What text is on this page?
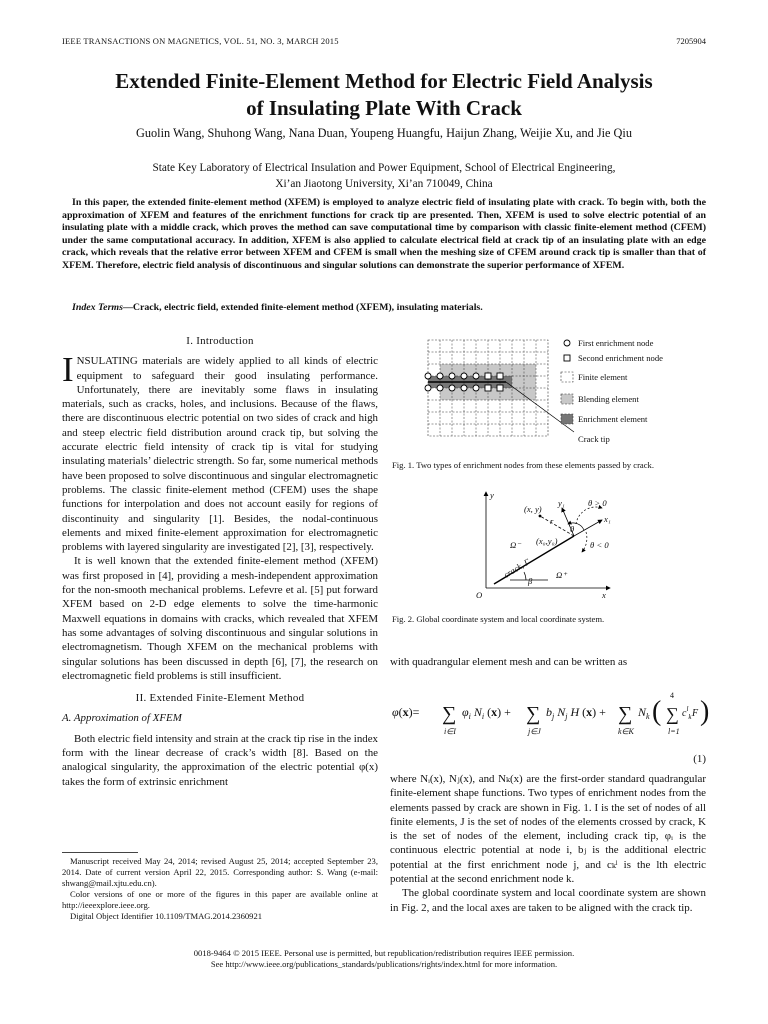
IEEE TRANSACTIONS ON MAGNETICS, VOL. 51, NO. 3, MARCH 2015	7205904
Extended Finite-Element Method for Electric Field Analysis
of Insulating Plate With Crack
Guolin Wang, Shuhong Wang, Nana Duan, Youpeng Huangfu, Haijun Zhang, Weijie Xu, and Jie Qiu
State Key Laboratory of Electrical Insulation and Power Equipment, School of Electrical Engineering,
Xi’an Jiaotong University, Xi’an 710049, China
In this paper, the extended finite-element method (XFEM) is employed to analyze electric field of insulating plate with crack. To begin with, both the approximation of XFEM and features of the enrichment functions for crack tip are presented. Then, XFEM is used to solve electric potential of an insulating plate with a middle crack, which proves the method can save computational time by comparison with classic finite-element method (CFEM) under the same computational accuracy. In addition, XFEM is also applied to calculate electrical field at crack tip of an insulating plate with an edge crack, which reveals that the relative error between XFEM and CFEM is small when the meshing size of CFEM around crack tip is smaller than that of XFEM. Therefore, electric field analysis of discontinuous and singular solutions can demonstrate the superior performance of XFEM.
Index Terms—Crack, electric field, extended finite-element method (XFEM), insulating materials.
I. Introduction

INSULATING materials are widely applied to all kinds of electric equipment to safeguard their good insulating performance. Unfortunately, there are inevitably some flaws in insulating materials, such as cracks, holes, and inclusions. Because of the flaws, there are discontinuous electric potential on two sides of crack and high and steep electric field distribution around crack tip, but solving the accurate electric field intensity of crack tip is vital for studying insulating materials’ dielectric strength. So far, some numerical methods have been proposed to solve discontinuous and singular electromagnetic problems. The classic finite-element method (CFEM) uses the shape functions for interpolation and does not account easily for regions of discontinuity and singularity [1]. Besides, the nodal-continuous elements and mixed finite-element approximation for electromagnetic problems with layered singularity are investigated [2], [3], respectively.

It is well known that the extended finite-element method (XFEM) was first proposed in [4], providing a mesh-independent approximation for the non-smooth mechanical problems. Lefevre et al. [5] put forward XFEM based on 2-D edge elements to solve the time-harmonic Maxwell equations in domains with cracks, which revealed that XFEM has some advantages of solving discontinuous and singular solutions in electromagnetism. Though XFEM on the mechanical problems with singular solutions has been discussed in depth [6], [7], the research on electromagnetic field problems is still insufficient.

II. Extended Finite-Element Method
A. Approximation of XFEM

Both electric field intensity and strain at the crack tip rise in the index form with the linear decrease of crack’s width [8]. Based on the analogical singularity, the approximation of the electric potential φ(x) takes the form of extrinsic enrichment

Manuscript received May 24, 2014; revised August 25, 2014; accepted September 23, 2014. Date of current version April 22, 2015. Corresponding author: S. Wang (e-mail: shwang@mail.xjtu.edu.cn).

Color versions of one or more of the figures in this paper are available online at http://ieeexplore.ieee.org.

Digital Object Identifier 10.1109/TMAG.2014.2360921

First enrichment node
Second enrichment node
Finite element
Blending element
Enrichment element
Crack tip
Fig. 1. Two types of enrichment nodes from these elements passed by crack.
y
x
O
(x, y)
y₁
x₁
r
θ
θ > 0
θ < 0
Ω⁻
Ω⁺
(x₀,y₀)
crack, Γ
β
Fig. 2. Global coordinate system and local coordinate system.
with quadrangular element mesh and can be written as
φ(x)= ∑
i∈I
$\varphi_i$ $N_i$ (x) + ∑
j∈J
$b_j$ $N_j$ H (x) + ∑
k∈K
$N_k$ ( ∑
4
l=1
$c^l_k$ F )
(1)

where Nᵢ(x), Nⱼ(x), and Nₖ(x) are the first-order standard quadrangular finite-element shape functions. Two types of enrichment nodes from the elements passed by crack are shown in Fig. 1. I is the set of nodes of all finite elements, J is the set of nodes of the elements crossed by crack, K is the set of nodes of the element, including crack tip, φᵢ is the continuous electric potential at node i, bⱼ is the additional electric potential at the first enrichment node j, and cₖˡ is the lth electric potential at the second enrichment node k.

The global coordinate system and local coordinate system are shown in Fig. 2, and the local axes are taken to be aligned with the crack tip.

0018-9464 © 2015 IEEE. Personal use is permitted, but republication/redistribution requires IEEE permission.
See http://www.ieee.org/publications_standards/publications/rights/index.html for more information.
